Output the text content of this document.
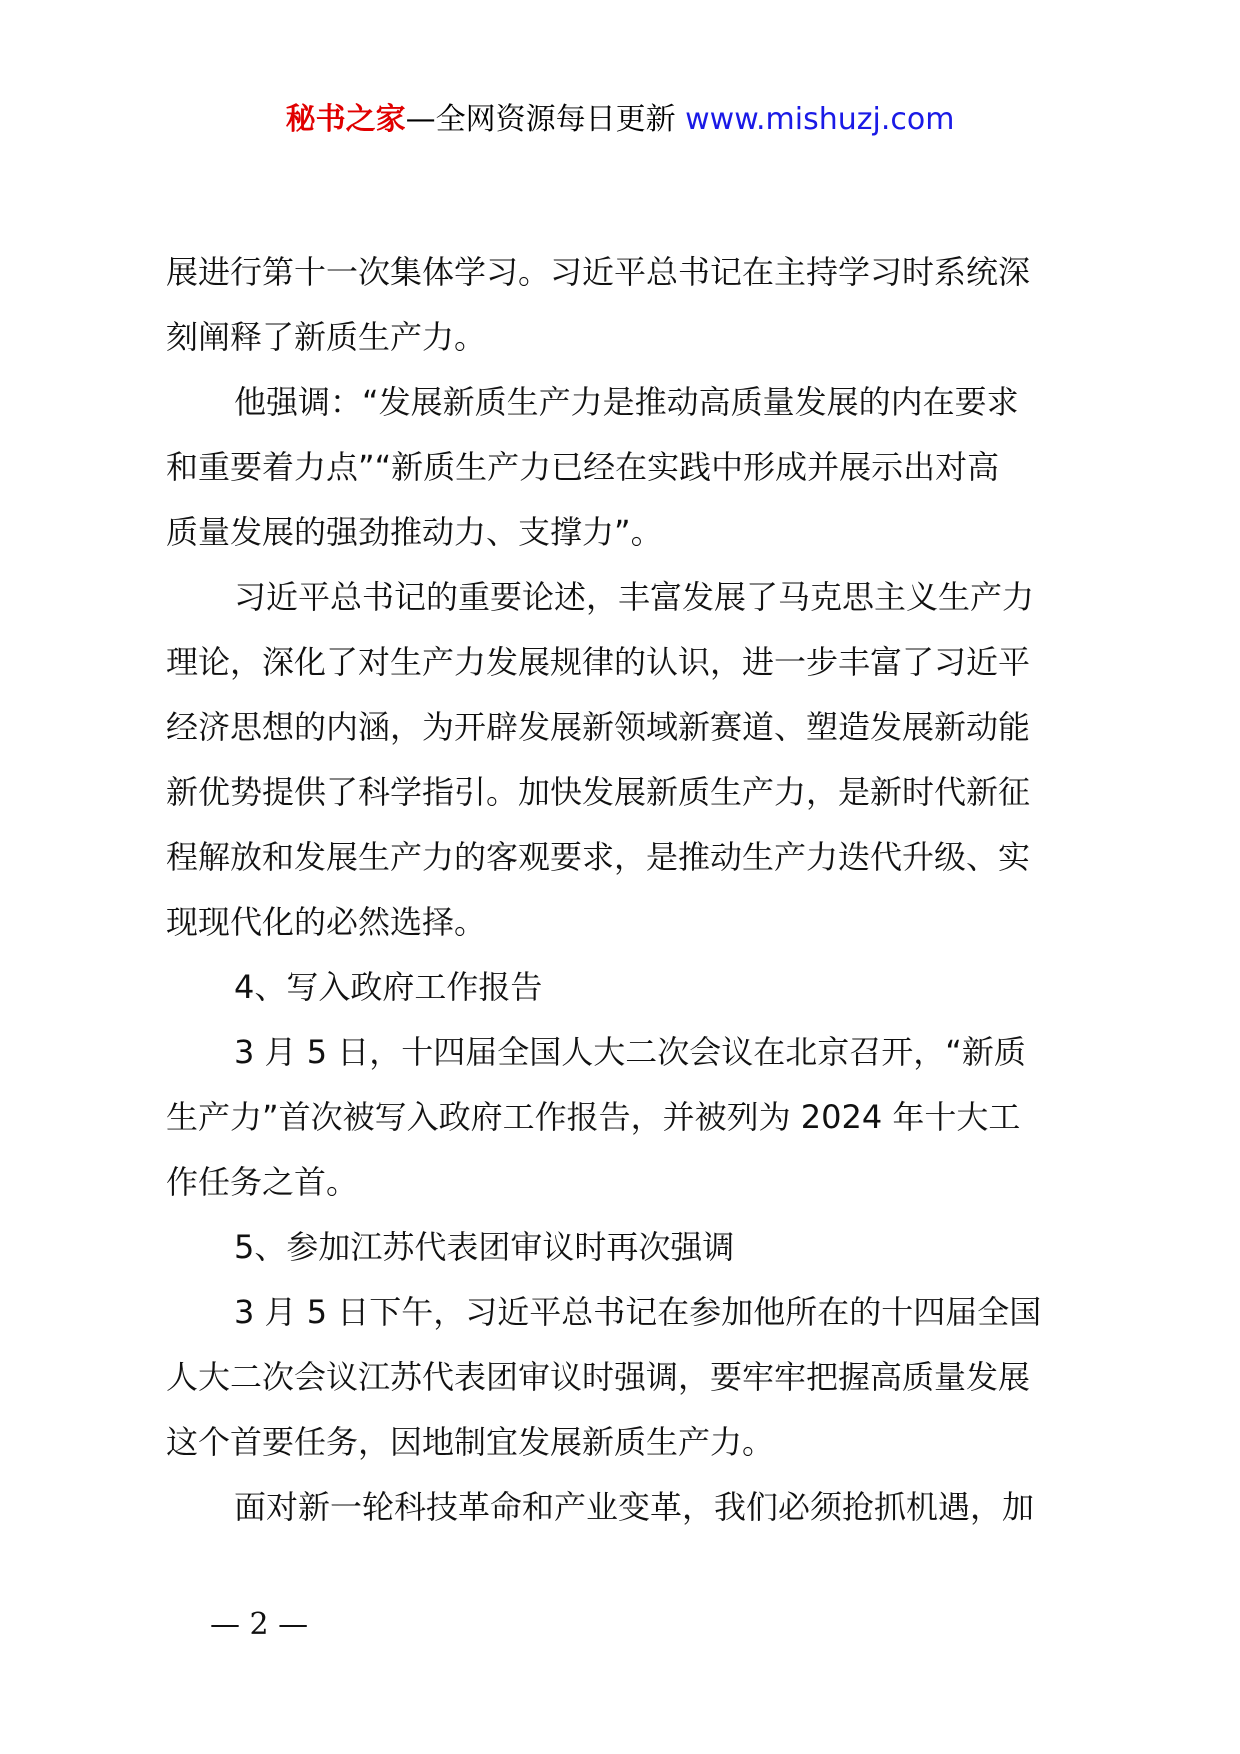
秘书之家—全网资源每日更新 www.mishuzj.com

展进行第十一次集体学习。习近平总书记在主持学习时系统深

刻阐释了新质生产力。

他强调：“发展新质生产力是推动高质量发展的内在要求

和重要着力点”“新质生产力已经在实践中形成并展示出对高

质量发展的强劲推动力、支撑力”。

习近平总书记的重要论述，丰富发展了马克思主义生产力

理论，深化了对生产力发展规律的认识，进一步丰富了习近平

经济思想的内涵，为开辟发展新领域新赛道、塑造发展新动能

新优势提供了科学指引。加快发展新质生产力，是新时代新征

程解放和发展生产力的客观要求，是推动生产力迭代升级、实

现现代化的必然选择。

4、写入政府工作报告

3 月 5 日，十四届全国人大二次会议在北京召开，“新质

生产力”首次被写入政府工作报告，并被列为 2024 年十大工

作任务之首。

5、参加江苏代表团审议时再次强调

3 月 5 日下午，习近平总书记在参加他所在的十四届全国

人大二次会议江苏代表团审议时强调，要牢牢把握高质量发展

这个首要任务，因地制宜发展新质生产力。

面对新一轮科技革命和产业变革，我们必须抢抓机遇，加

— 2 —
